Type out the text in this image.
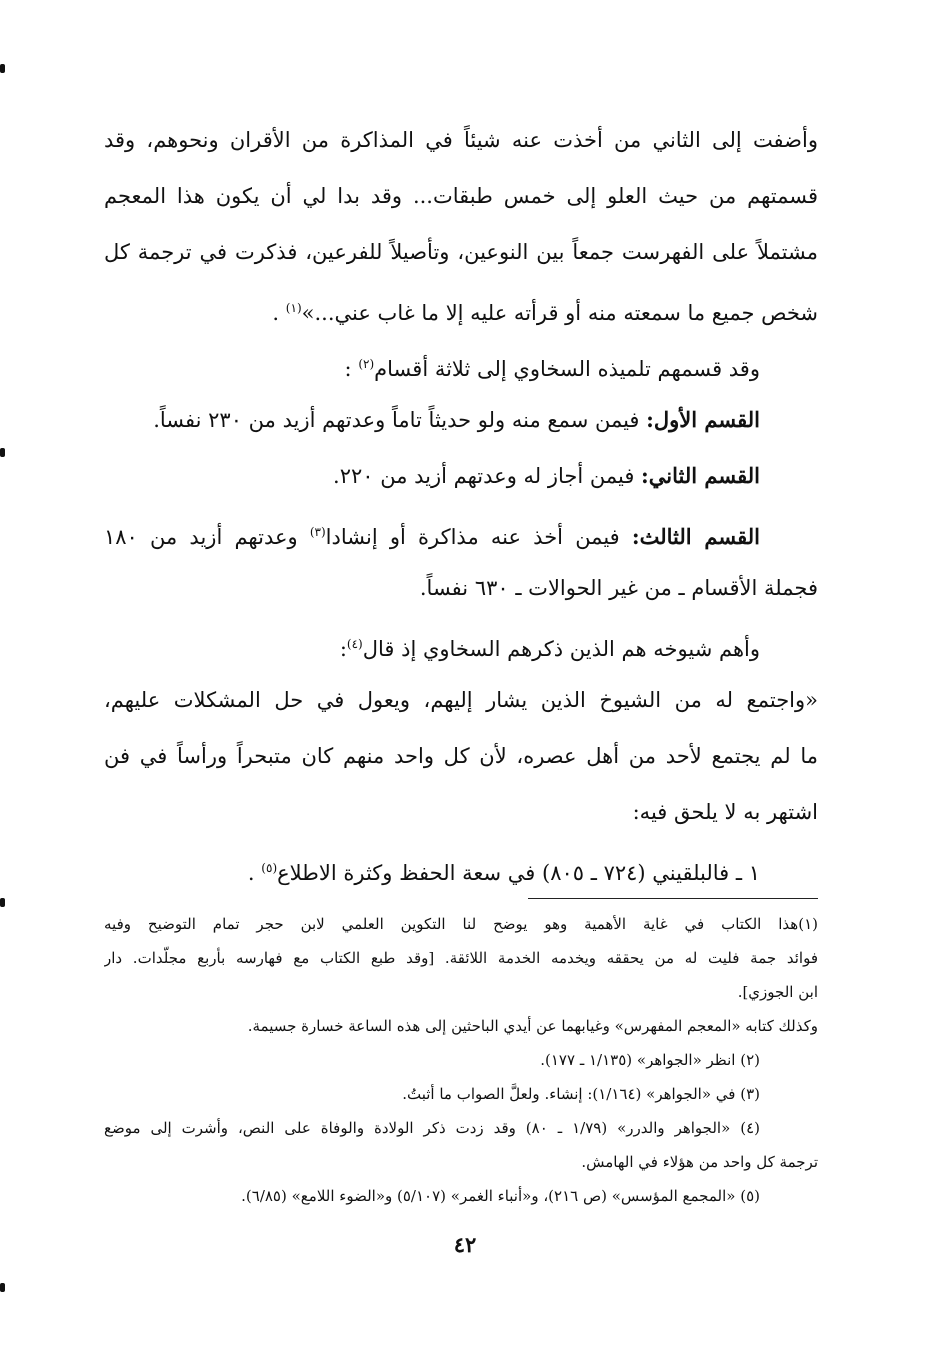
وأضفت إلى الثاني من أخذت عنه شيئاً في المذاكرة من الأقران ونحوهم، وقد
قسمتهم من حيث العلو إلى خمس طبقات... وقد بدا لي أن يكون هذا المعجم
مشتملاً على الفهرست جمعاً بين النوعين، وتأصيلاً للفرعين، فذكرت في ترجمة كل
شخص جميع ما سمعته منه أو قرأته عليه إلا ما غاب عني...»$^{(١)}$ .
وقد قسمهم تلميذه السخاوي إلى ثلاثة أقسام$^{(٢)}$ :
القسم الأول: فيمن سمع منه ولو حديثاً تاماً وعدتهم أزيد من ٢٣٠ نفساً.
القسم الثاني: فيمن أجاز له وعدتهم أزيد من ٢٢٠.
القسم الثالث: فيمن أخذ عنه مذاكرة أو إنشادا$^{(٣)}$ وعدتهم أزيد من ١٨٠
فجملة الأقسام ـ من غير الحوالات ـ ٦٣٠ نفساً.
وأهم شيوخه هم الذين ذكرهم السخاوي إذ قال$^{(٤)}$:
«واجتمع له من الشيوخ الذين يشار إليهم، ويعول في حل المشكلات عليهم،
ما لم يجتمع لأحد من أهل عصره، لأن كل واحد منهم كان متبحراً ورأساً في فن
اشتهر به لا يلحق فيه:
١ ـ فالبلقيني (٧٢٤ ـ ٨٠٥) في سعة الحفظ وكثرة الاطلاع$^{(٥)}$ .
(١)هذا الكتاب في غاية الأهمية وهو يوضح لنا التكوين العلمي لابن حجر تمام التوضيح وفيه
فوائد جمة فليت له من يحققه ويخدمه الخدمة اللائقة. [وقد طبع الكتاب مع فهارسه بأربع مجلّدات. دار
ابن الجوزي].
وكذلك كتابه «المعجم المفهرس» وغيابهما عن أيدي الباحثين إلى هذه الساعة خسارة جسيمة.
(٢) انظر «الجواهر» (١/١٣٥ ـ ١٧٧).
(٣) في «الجواهر» (١/١٦٤): إنشاء. ولعلَّ الصواب ما أثبتُ.
(٤) «الجواهر والدرر» (١/٧٩ ـ ٨٠) وقد زدت ذكر الولادة والوفاة على النص، وأشرت إلى موضع
ترجمة كل واحد من هؤلاء في الهامش.
(٥) «المجمع المؤسس» (ص ٢١٦)، و«أنباء الغمر» (٥/١٠٧) و«الضوء اللامع» (٦/٨٥).
٤٢
